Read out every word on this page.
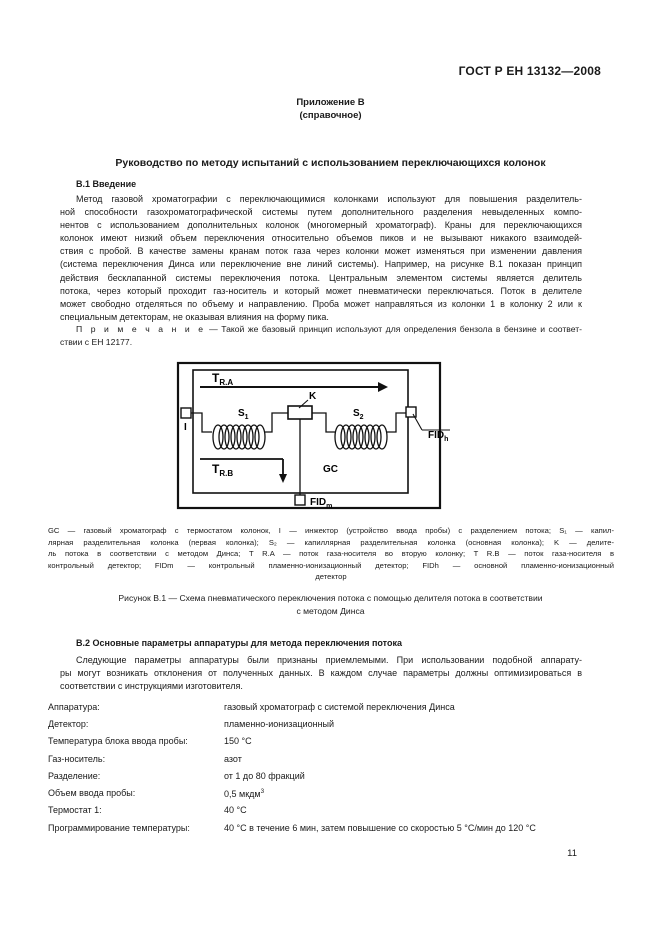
ГОСТ Р ЕН 13132—2008
Приложение В
(справочное)
Руководство по методу испытаний с использованием переключающихся колонок
В.1 Введение
Метод газовой хроматографии с переключающимися колонками используют для повышения разделитель-
ной способности газохроматографической системы путем дополнительного разделения невыделенных компо-
нентов с использованием дополнительных колонок (многомерный хроматограф). Краны для переключающихся
колонок имеют низкий объем переключения относительно объемов пиков и не вызывают никакого взаимодей-
ствия с пробой. В качестве замены кранам поток газа через колонки может изменяться при изменении давления
(система переключения Динса или переключение вне линий системы). Например, на рисунке В.1 показан принцип
действия бесклапанной системы переключения потока. Центральным элементом системы является делитель
потока, через который проходит газ-носитель и который может пневматически переключаться. Поток в делителе
может свободно отделяться по объему и направлению. Проба может направляться из колонки 1 в колонку 2 или к
специальным детекторам, не оказывая влияния на форму пика.
П р и м е ч а н и е — Такой же базовый принцип используют для определения бензола в бензине и соответ-
ствии с ЕН 12177.
$T_{R.A}$
I
$S_1$
K
$S_2$
$FID_h$
$T_{R.B}$	GC
$FID_m$
GC — газовый хроматограф с термостатом колонок, I — инжектор (устройство ввода пробы) с разделением потока; S₁ — капил-
лярная разделительная колонка (первая колонка); S₂ — капиллярная разделительная колонка (основная колонка); K — делите-
ль потока в соответствии с методом Динса; T R.A — поток газа-носителя во вторую колонку; T R.B — поток газа-носителя в
контрольный детектор; FIDm — контрольный пламенно-ионизационный детектор; FIDh — основной пламенно-ионизационный
детектор
Рисунок В.1 — Схема пневматического переключения потока с помощью делителя потока в соответствии
с методом Динса
В.2 Основные параметры аппаратуры для метода переключения потока
Следующие параметры аппаратуры были признаны приемлемыми. При использовании подобной аппарату-
ры могут возникать отклонения от полученных данных. В каждом случае параметры должны оптимизироваться в
соответствии с инструкциями изготовителя.
Аппаратура:	газовый хроматограф с системой переключения Динса
Детектор:	пламенно-ионизационный
Температура блока ввода пробы:	150 °С
Газ-носитель:	азот
Разделение:	от 1 до 80 фракций
Объем ввода пробы:	0,5 мкдм$^3$
Термостат 1:	40 °С
Программирование температуры:	40 °С в течение 6 мин, затем повышение со скоростью 5 °С/мин до 120 °С
11
